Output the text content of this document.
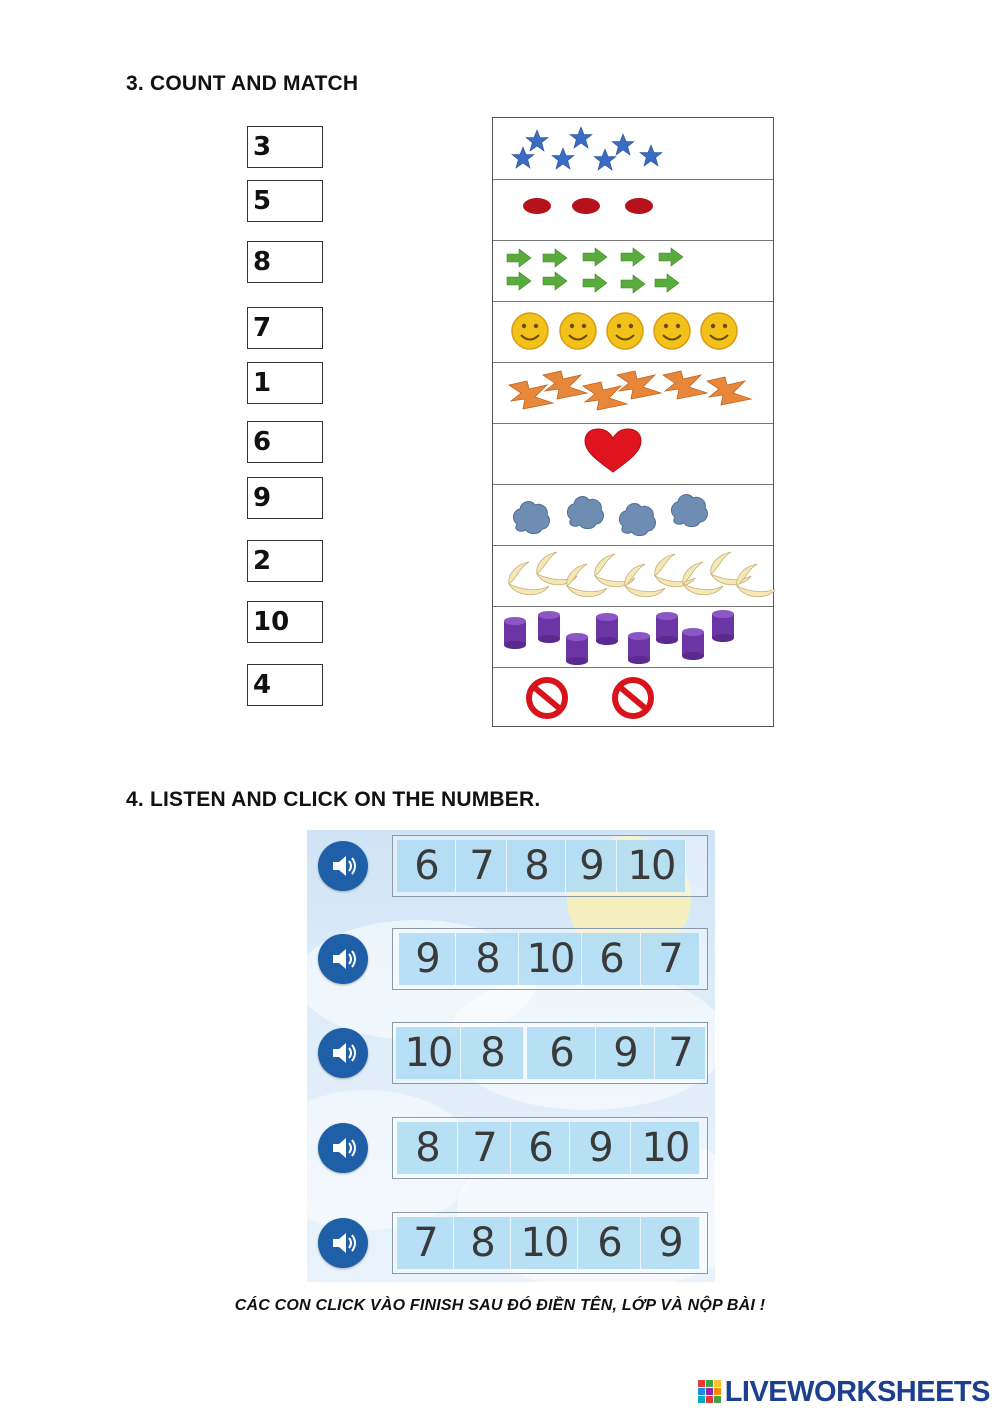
3. COUNT AND MATCH
3
5
8
7
1
6
9
2
10
4
4. LISTEN AND CLICK ON THE NUMBER.
6 7 8 9 10
9 8 10 6 7
10 8	6	9 7
8 7 6 9 10
7 8 10 6 9
CÁC CON CLICK VÀO FINISH SAU ĐÓ ĐIỀN TÊN, LỚP VÀ NỘP BÀI !
LIVEWORKSHEETS
